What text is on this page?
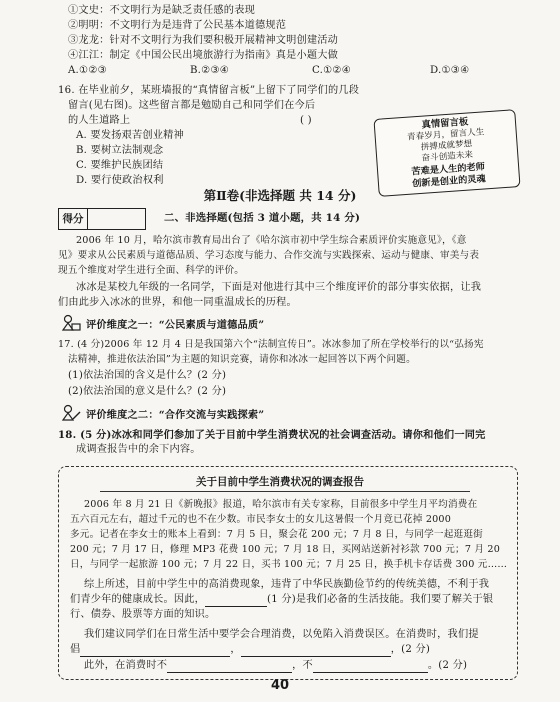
①文史：不文明行为是缺乏责任感的表现
②明明：不文明行为是违背了公民基本道德规范
③龙龙：针对不文明行为我们要积极开展精神文明创建活动
④江江：制定《中国公民出境旅游行为指南》真是小题大做
A.①②③	B.②③④	C.①②④	D.①③④
16. 在毕业前夕，某班墙报的“真情留言板”上留下了同学们的几段
留言(见右图)。这些留言都是勉励自己和同学们在今后
的人生道路上	( )
A. 要发扬艰苦创业精神
B. 要树立法制观念
C. 要维护民族团结
D. 要行使政治权利
真情留言板
青春岁月，留言人生
拼搏成就梦想
奋斗创造未来
苦难是人生的老师
创新是创业的灵魂
第Ⅱ卷(非选择题 共 14 分)
得分	二、非选择题(包括 3 道小题，共 14 分)
2006 年 10 月，哈尔滨市教育局出台了《哈尔滨市初中学生综合素质评价实施意见》，《意
见》要求从公民素质与道德品质、学习态度与能力、合作交流与实践探索、运动与健康、审美与表
现五个维度对学生进行全面、科学的评价。
冰冰是某校九年级的一名同学，下面是对他进行其中三个维度评价的部分事实依据，让我
们由此步入冰冰的世界，和他一同重温成长的历程。
评价维度之一：“公民素质与道德品质”
17. (4 分)2006 年 12 月 4 日是我国第六个“法制宣传日”。冰冰参加了所在学校举行的以“弘扬宪
法精神，推进依法治国”为主题的知识竞赛，请你和冰冰一起回答以下两个问题。
(1)依法治国的含义是什么？(2 分)
(2)依法治国的意义是什么？(2 分)
评价维度之二：“合作交流与实践探索”
18. (5 分)冰冰和同学们参加了关于目前中学生消费状况的社会调查活动。请你和他们一同完
成调查报告中的余下内容。
关于目前中学生消费状况的调查报告
2006 年 8 月 21 日《新晚报》报道，哈尔滨市有关专家称，目前很多中学生月平均消费在
五六百元左右，超过千元的也不在少数。市民李女士的女儿这暑假一个月竟已花掉 2000
多元。记者在李女士的账本上看到：7 月 5 日，聚会花 200 元；7 月 8 日，与同学一起逛逛街
200 元；7 月 17 日，修理 MP3 花费 100 元；7 月 18 日，买网站送新衬衫款 700 元；7 月 20
日，与同学一起旅游 100 元；7 月 22 日，买书 100 元；7 月 25 日，换手机卡存话费 300 元……
综上所述，目前中学生中的高消费现象，违背了中华民族勤俭节约的传统美德，不利于我
们青少年的健康成长。因此，	(1 分)是我们必备的生活技能。我们要了解关于银
行、债券、股票等方面的知识。
我们建议同学们在日常生活中要学会合理消费，以免陷入消费误区。在消费时，我们提
倡	，	，(2 分)
此外，在消费时不	，不	。(2 分)
40
